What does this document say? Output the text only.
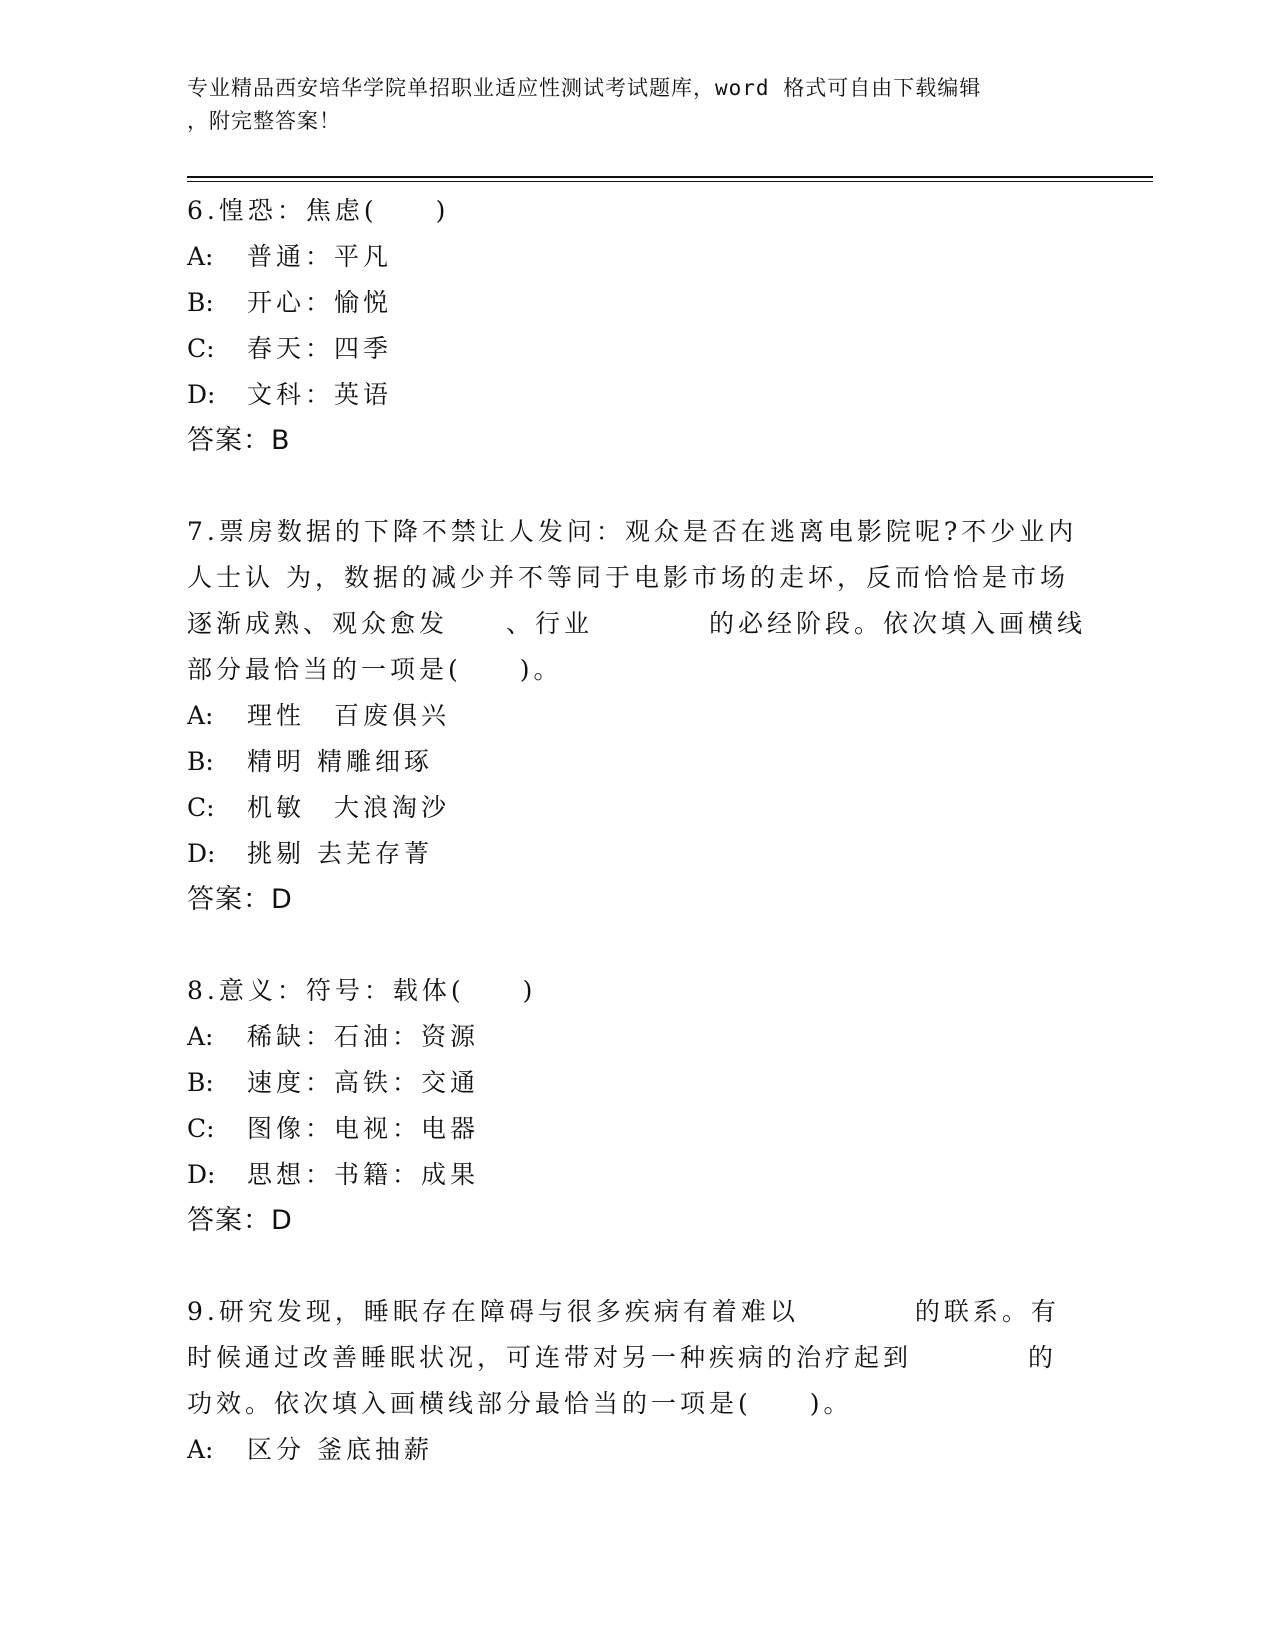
专业精品西安培华学院单招职业适应性测试考试题库，word 格式可自由下载编辑
，附完整答案！
6.惶恐：焦虑(　　)
A: 普通：平凡
B: 开心：愉悦
C: 春天：四季
D: 文科：英语
答案：B
7.票房数据的下降不禁让人发问：观众是否在逃离电影院呢?不少业内
人士认 为，数据的减少并不等同于电影市场的走坏，反而恰恰是市场
逐渐成熟、观众愈发　　、行业　　　　的必经阶段。依次填入画横线
部分最恰当的一项是(　　)。
A: 理性　百废俱兴
B: 精明 精雕细琢
C: 机敏　大浪淘沙
D: 挑剔 去芜存菁
答案：D
8.意义：符号：载体(　　)
A: 稀缺：石油：资源
B: 速度：高铁：交通
C: 图像：电视：电器
D: 思想：书籍：成果
答案：D
9.研究发现，睡眠存在障碍与很多疾病有着难以　　　　的联系。有
时候通过改善睡眠状况，可连带对另一种疾病的治疗起到　　　　的
功效。依次填入画横线部分最恰当的一项是(　　)。
A: 区分 釜底抽薪
